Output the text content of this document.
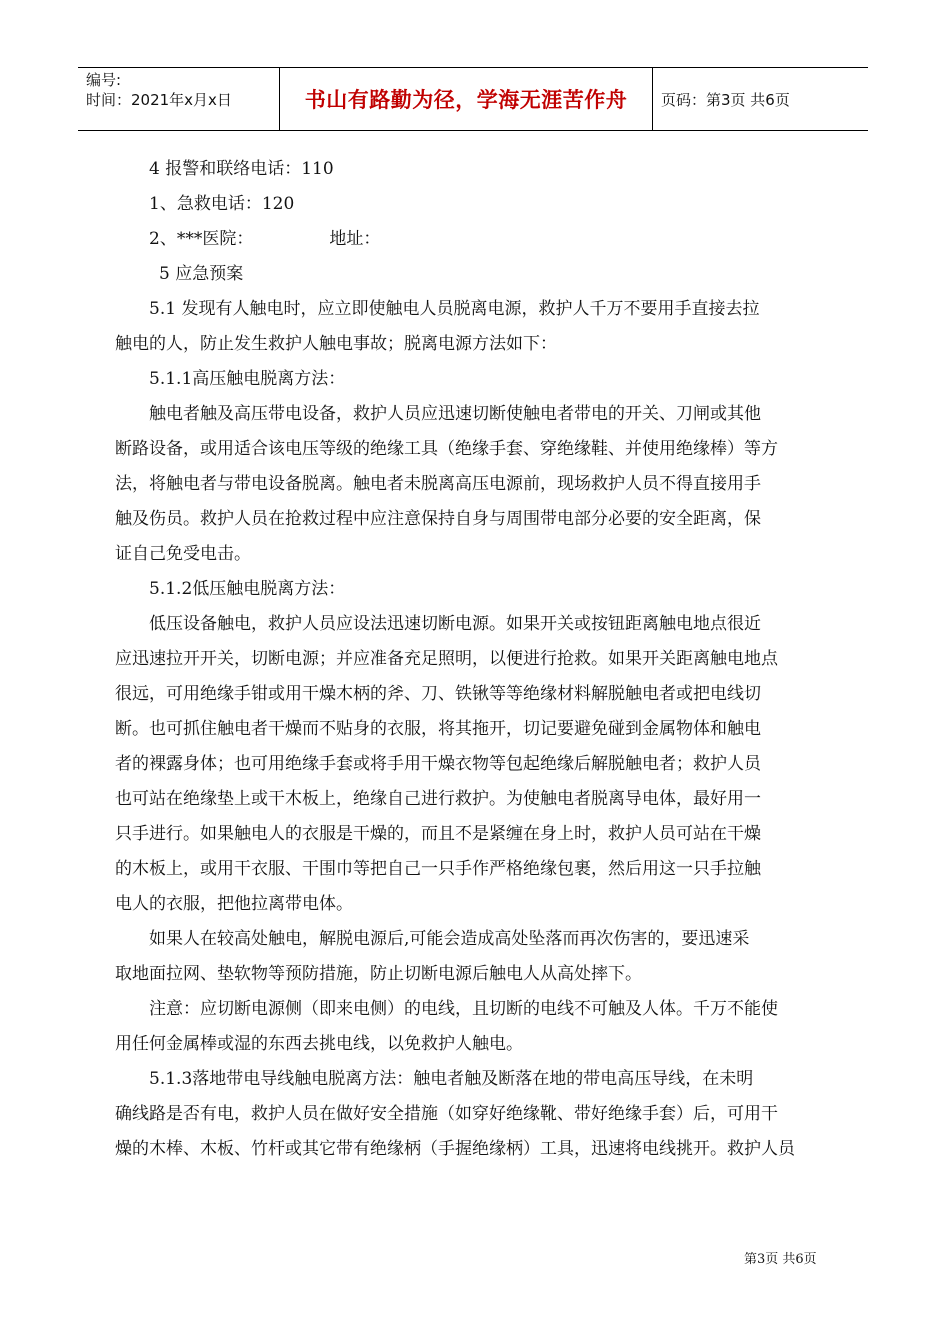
编号:
时间：2021年x月x日	书山有路勤为径，学海无涯苦作舟	页码：第3页 共6页
4 报警和联络电话：110
1、急救电话：120
2、***医院：	地址：
5 应急预案
5.1 发现有人触电时，应立即使触电人员脱离电源，救护人千万不要用手直接去拉
触电的人，防止发生救护人触电事故；脱离电源方法如下：
5.1.1高压触电脱离方法：
触电者触及高压带电设备，救护人员应迅速切断使触电者带电的开关、刀闸或其他
断路设备，或用适合该电压等级的绝缘工具（绝缘手套、穿绝缘鞋、并使用绝缘棒）等方
法，将触电者与带电设备脱离。触电者未脱离高压电源前，现场救护人员不得直接用手
触及伤员。救护人员在抢救过程中应注意保持自身与周围带电部分必要的安全距离，保
证自己免受电击。
5.1.2低压触电脱离方法：
低压设备触电，救护人员应设法迅速切断电源。如果开关或按钮距离触电地点很近
应迅速拉开开关，切断电源；并应准备充足照明，以便进行抢救。如果开关距离触电地点
很远，可用绝缘手钳或用干燥木柄的斧、刀、铁锹等等绝缘材料解脱触电者或把电线切
断。也可抓住触电者干燥而不贴身的衣服，将其拖开，切记要避免碰到金属物体和触电
者的裸露身体；也可用绝缘手套或将手用干燥衣物等包起绝缘后解脱触电者；救护人员
也可站在绝缘垫上或干木板上，绝缘自己进行救护。为使触电者脱离导电体，最好用一
只手进行。如果触电人的衣服是干燥的，而且不是紧缠在身上时，救护人员可站在干燥
的木板上，或用干衣服、干围巾等把自己一只手作严格绝缘包裹，然后用这一只手拉触
电人的衣服，把他拉离带电体。
如果人在较高处触电，解脱电源后,可能会造成高处坠落而再次伤害的，要迅速采
取地面拉网、垫软物等预防措施，防止切断电源后触电人从高处摔下。
注意：应切断电源侧（即来电侧）的电线，且切断的电线不可触及人体。千万不能使
用任何金属棒或湿的东西去挑电线，以免救护人触电。
5.1.3落地带电导线触电脱离方法：触电者触及断落在地的带电高压导线，在未明
确线路是否有电，救护人员在做好安全措施（如穿好绝缘靴、带好绝缘手套）后，可用干
燥的木棒、木板、竹杆或其它带有绝缘柄（手握绝缘柄）工具，迅速将电线挑开。救护人员
第3页 共6页
